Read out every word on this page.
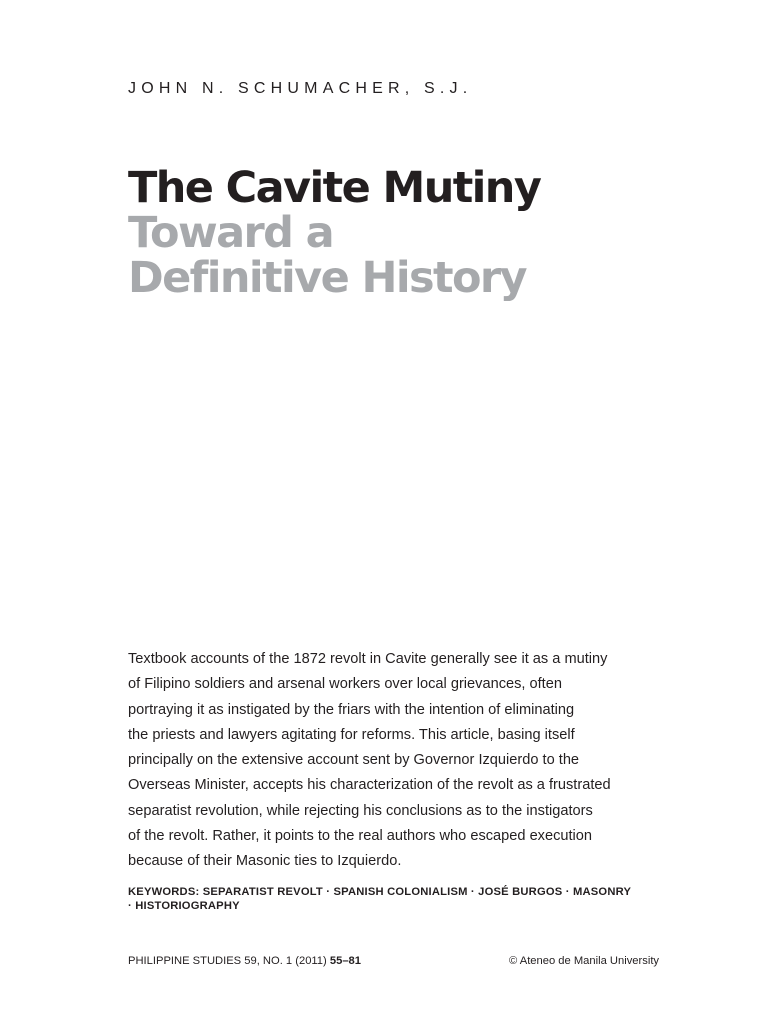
JOHN N. SCHUMACHER, S.J.
The Cavite Mutiny
Toward a
Definitive History
Textbook accounts of the 1872 revolt in Cavite generally see it as a mutiny
of Filipino soldiers and arsenal workers over local grievances, often
portraying it as instigated by the friars with the intention of eliminating
the priests and lawyers agitating for reforms. This article, basing itself
principally on the extensive account sent by Governor Izquierdo to the
Overseas Minister, accepts his characterization of the revolt as a frustrated
separatist revolution, while rejecting his conclusions as to the instigators
of the revolt. Rather, it points to the real authors who escaped execution
because of their Masonic ties to Izquierdo.
KEYWORDS: SEPARATIST REVOLT · SPANISH COLONIALISM · JOSÉ BURGOS · MASONRY
· HISTORIOGRAPHY
PHILIPPINE STUDIES 59, NO. 1 (2011) 55–81	© Ateneo de Manila University
